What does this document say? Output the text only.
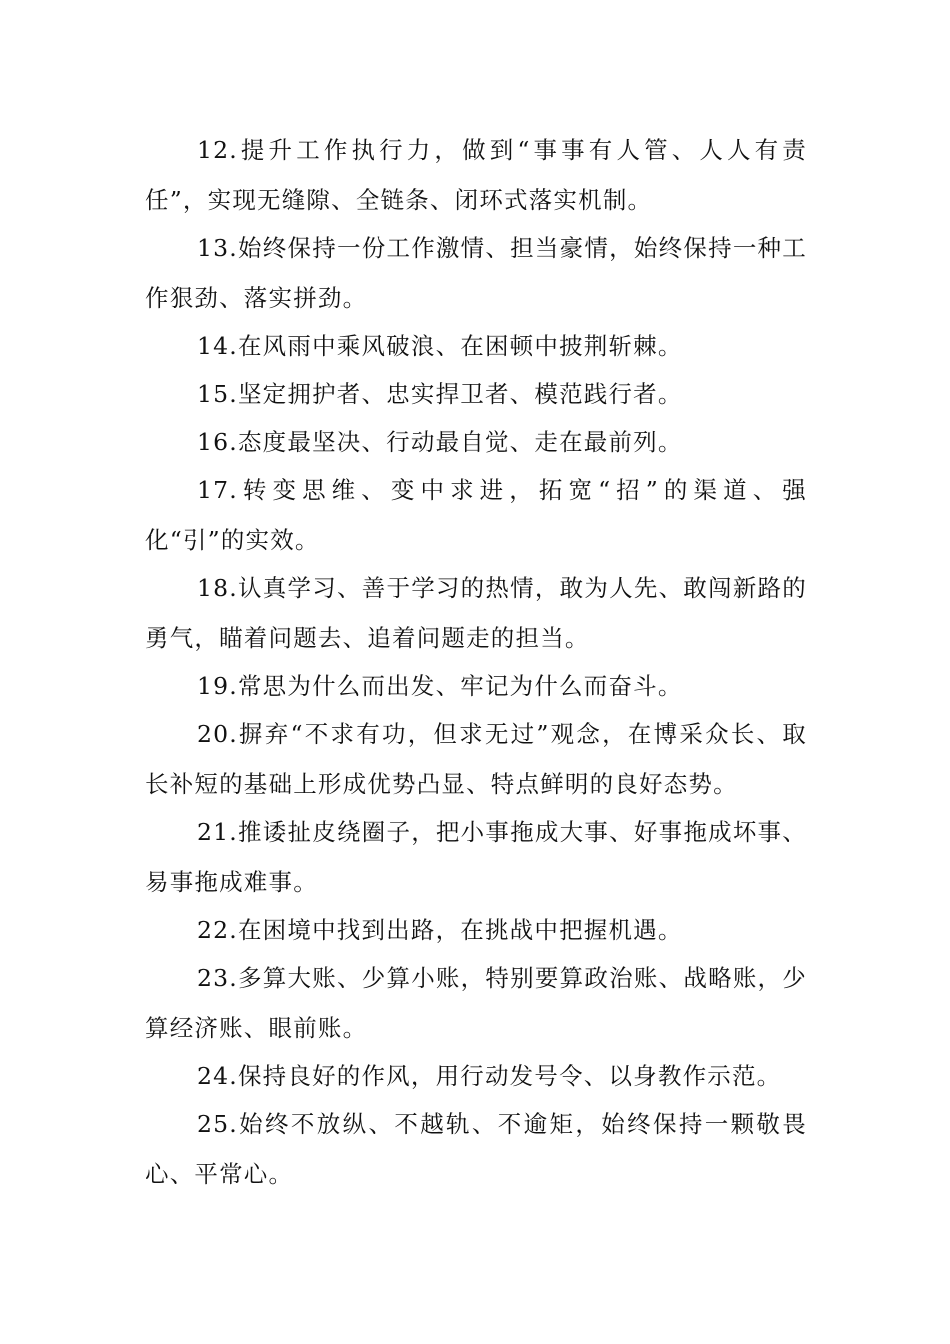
12.提升工作执行力，做到“事事有人管、人人有责任”，实现无缝隙、全链条、闭环式落实机制。

13.始终保持一份工作激情、担当豪情，始终保持一种工作狠劲、落实拼劲。

14.在风雨中乘风破浪、在困顿中披荆斩棘。

15.坚定拥护者、忠实捍卫者、模范践行者。

16.态度最坚决、行动最自觉、走在最前列。

17.转变思维、变中求进，拓宽“招”的渠道、强化“引”的实效。

18.认真学习、善于学习的热情，敢为人先、敢闯新路的勇气，瞄着问题去、追着问题走的担当。

19.常思为什么而出发、牢记为什么而奋斗。

20.摒弃“不求有功，但求无过”观念，在博采众长、取长补短的基础上形成优势凸显、特点鲜明的良好态势。

21.推诿扯皮绕圈子，把小事拖成大事、好事拖成坏事、易事拖成难事。

22.在困境中找到出路，在挑战中把握机遇。

23.多算大账、少算小账，特别要算政治账、战略账，少算经济账、眼前账。

24.保持良好的作风，用行动发号令、以身教作示范。

25.始终不放纵、不越轨、不逾矩，始终保持一颗敬畏心、平常心。
